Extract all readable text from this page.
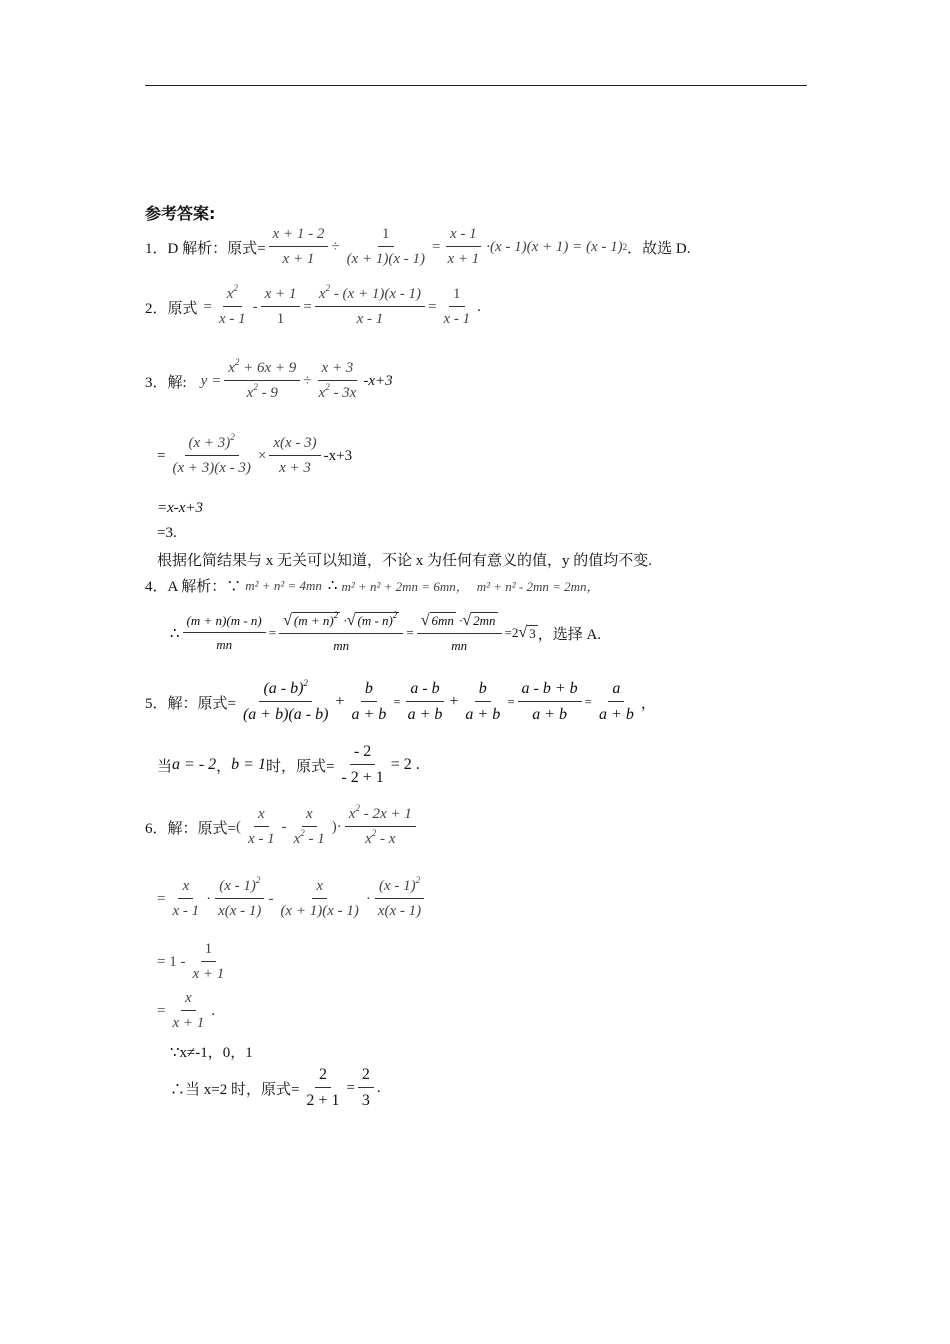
参考答案:
1．D 解析：原式= $\frac{x + 1 - 2}{x + 1} \div \frac{1}{(x + 1)(x - 1)} = \frac{x - 1}{x + 1} \cdot(x - 1)(x + 1) = (x - 1)$ 2 ．故选 D.
2．原式 = $\frac{x^2}{x - 1} - \frac{x + 1}{1} = \frac{x^2 - (x + 1)(x - 1)}{x - 1} = \frac{1}{x - 1}$ .
3．解: $y = \frac{x^2 + 6x + 9}{x^2 - 9} \div \frac{x + 3}{x^2 - 3x} -x+3$
= $\frac{(x + 3)^2}{(x + 3)(x - 3)} \times \frac{x(x - 3)}{x + 3} -x+3$
=x-x+3
=3.
根据化简结果与 x 无关可以知道，不论 x 为任何有意义的值，y 的值均不变.
4．A 解析：∵ m² + n² = 4mn ∴ m² + n² + 2mn = 6mn， m² + n² - 2mn = 2mn，
∴ $\frac{(m + n)(m - n)}{mn} = \frac{√ (m + n)^2 \cdot√ (m - n)^2}{mn} = \frac{√ 6mn \cdot√ 2mn}{mn} =2$ √ 3 ，选择 A.
5．解：原式= $\frac{(a - b)^2}{(a + b)(a - b)} + \frac{b}{a + b} = \frac{a - b}{a + b} + \frac{b}{a + b} = \frac{a - b + b}{a + b} = \frac{a}{a + b}$ ，
当 a = - 2 ， b = 1 时，原式= $\frac{- 2}{- 2 + 1} = 2$ .
6．解：原式= ( $\frac{x}{x - 1} - \frac{x}{x^2 - 1}$ ) · $\frac{x^2 - 2x + 1}{x^2 - x}$
= $\frac{x}{x - 1} \cdot \frac{(x - 1)^2}{x(x - 1)} - \frac{x}{(x + 1)(x - 1)} \cdot \frac{(x - 1)^2}{x(x - 1)}$
= $1 - \frac{1}{x + 1}$
= $\frac{x}{x + 1}$ .
∵x≠-1，0，1
∴当 x=2 时，原式= $\frac{2}{2 + 1} = \frac{2}{3}$ .
